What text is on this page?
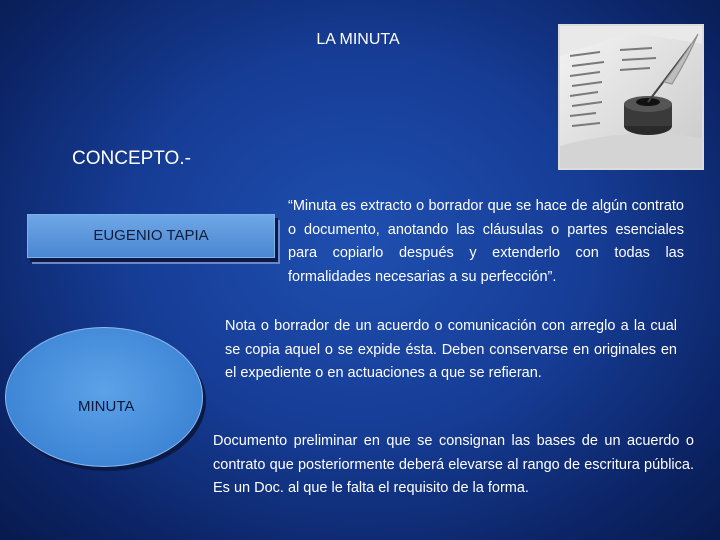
LA MINUTA
CONCEPTO.-
EUGENIO TAPIA
“Minuta es extracto o borrador que se hace de algún contrato o documento, anotando las cláusulas o partes esenciales para copiarlo después y extenderlo con todas las formalidades necesarias a su perfección”.
Nota o borrador de un acuerdo o comunicación con arreglo a la cual se copia aquel o se expide ésta. Deben conservarse en originales en el expediente o en actuaciones a que se refieran.
MINUTA
Documento preliminar en que se consignan las bases de un acuerdo o contrato que posteriormente deberá elevarse al rango de escritura pública. Es un Doc. al que le falta el requisito de la forma.
